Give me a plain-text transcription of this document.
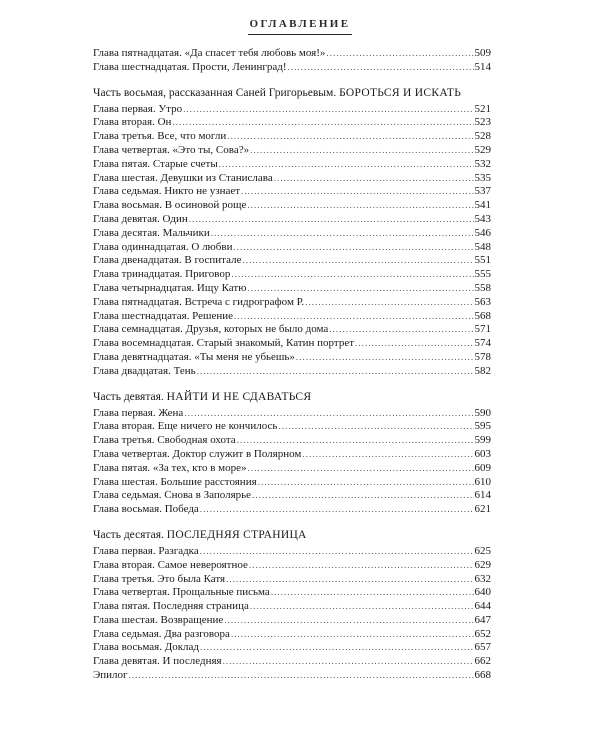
ОГЛАВЛЕНИЕ
Глава пятнадцатая. «Да спасет тебя любовь моя!» . . .	509
Глава шестнадцатая. Прости, Ленинград! . . .	514
Часть восьмая, рассказанная Саней Григорьевым. БОРОТЬСЯ И ИСКАТЬ
Глава первая. Утро . . .	521
Глава вторая. Он . . .	523
Глава третья. Все, что могли . . .	528
Глава четвертая. «Это ты, Сова?» . . .	529
Глава пятая. Старые счеты . . .	532
Глава шестая. Девушки из Станислава . . .	535
Глава седьмая. Никто не узнает . . .	537
Глава восьмая. В осиновой роще . . .	541
Глава девятая. Один . . .	543
Глава десятая. Мальчики . . .	546
Глава одиннадцатая. О любви . . .	548
Глава двенадцатая. В госпитале . . .	551
Глава тринадцатая. Приговор . . .	555
Глава четырнадцатая. Ищу Катю . . .	558
Глава пятнадцатая. Встреча с гидрографом Р. . . .	563
Глава шестнадцатая. Решение . . .	568
Глава семнадцатая. Друзья, которых не было дома . . .	571
Глава восемнадцатая. Старый знакомый, Катин портрет . . .	574
Глава девятнадцатая. «Ты меня не убьешь» . . .	578
Глава двадцатая. Тень . . .	582
Часть девятая. НАЙТИ И НЕ СДАВАТЬСЯ
Глава первая. Жена . . .	590
Глава вторая. Еще ничего не кончилось . . .	595
Глава третья. Свободная охота . . .	599
Глава четвертая. Доктор служит в Полярном . . .	603
Глава пятая. «За тех, кто в море» . . .	609
Глава шестая. Большие расстояния . . .	610
Глава седьмая. Снова в Заполярье . . .	614
Глава восьмая. Победа . . .	621
Часть десятая. ПОСЛЕДНЯЯ СТРАНИЦА
Глава первая. Разгадка . . .	625
Глава вторая. Самое невероятное . . .	629
Глава третья. Это была Катя . . .	632
Глава четвертая. Прощальные письма . . .	640
Глава пятая. Последняя страница . . .	644
Глава шестая. Возвращение . . .	647
Глава седьмая. Два разговора . . .	652
Глава восьмая. Доклад . . .	657
Глава девятая. И последняя . . .	662
Эпилог . . .	668
